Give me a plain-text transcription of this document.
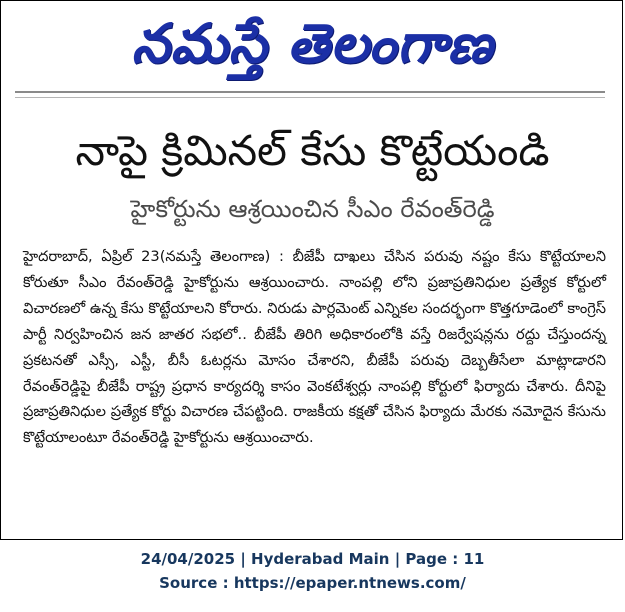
నమస్తే తెలంగాణ
నాపై క్రిమినల్ కేసు కొట్టేయండి
హైకోర్టును ఆశ్రయించిన సీఎం రేవంత్‌రెడ్డి
హైదరాబాద్, ఏప్రిల్ 23(నమస్తే తెలంగాణ) : బీజేపీ దాఖలు చేసిన పరువు నష్టం కేసు కొట్టేయాలని కోరుతూ సీఎం రేవంత్‌రెడ్డి హైకోర్టును ఆశ్రయించారు. నాంపల్లి లోని ప్రజాప్రతినిధుల ప్రత్యేక కోర్టులో విచారణలో ఉన్న కేసు కొట్టేయాలని కోరారు. నిరుడు పార్లమెంట్ ఎన్నికల సందర్భంగా కొత్తగూడెంలో కాంగ్రెస్ పార్టీ నిర్వహించిన జన జాతర సభలో.. బీజేపీ తిరిగి అధికారంలోకి వస్తే రిజర్వేషన్లను రద్దు చేస్తుందన్న ప్రకటనతో ఎస్సీ, ఎస్టీ, బీసీ ఓటర్లను మోసం చేశారని, బీజేపీ పరువు దెబ్బతీసేలా మాట్లాడారని రేవంత్‌రెడ్డిపై బీజేపీ రాష్ట్ర ప్రధాన కార్యదర్శి కాసం వెంకటేశ్వర్లు నాంపల్లి కోర్టులో ఫిర్యాదు చేశారు. దీనిపై ప్రజాప్రతినిధుల ప్రత్యేక కోర్టు విచారణ చేపట్టింది. రాజకీయ కక్షతో చేసిన ఫిర్యాదు మేరకు నమోదైన కేసును కొట్టేయాలంటూ రేవంత్‌రెడ్డి హైకోర్టును ఆశ్రయించారు.
24/04/2025 | Hyderabad Main | Page : 11
Source : https://epaper.ntnews.com/
